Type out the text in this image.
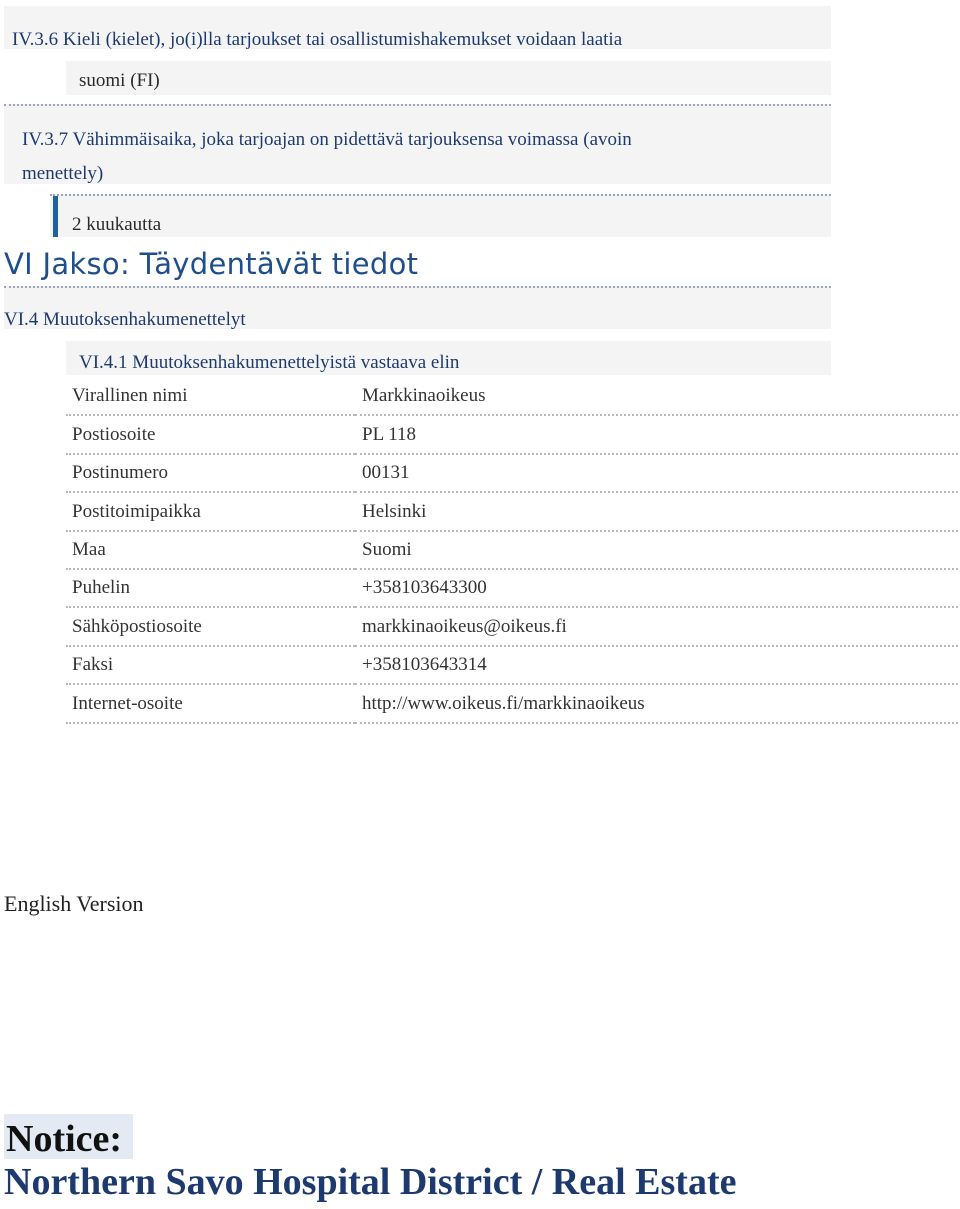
IV.3.6 Kieli (kielet), jo(i)lla tarjoukset tai osallistumishakemukset voidaan laatia
suomi (FI)
IV.3.7 Vähimmäisaika, joka tarjoajan on pidettävä tarjouksensa voimassa (avoin
menettely)
2 kuukautta
VI Jakso: Täydentävät tiedot
VI.4 Muutoksenhakumenettelyt
VI.4.1 Muutoksenhakumenettelyistä vastaava elin
Virallinen nimi	Markkinaoikeus
Postiosoite	PL 118
Postinumero	00131
Postitoimipaikka	Helsinki
Maa	Suomi
Puhelin	+358103643300
Sähköpostiosoite	markkinaoikeus@oikeus.fi
Faksi	+358103643314
Internet-osoite	http://www.oikeus.fi/markkinaoikeus
English Version
Notice:
Northern Savo Hospital District / Real Estate
